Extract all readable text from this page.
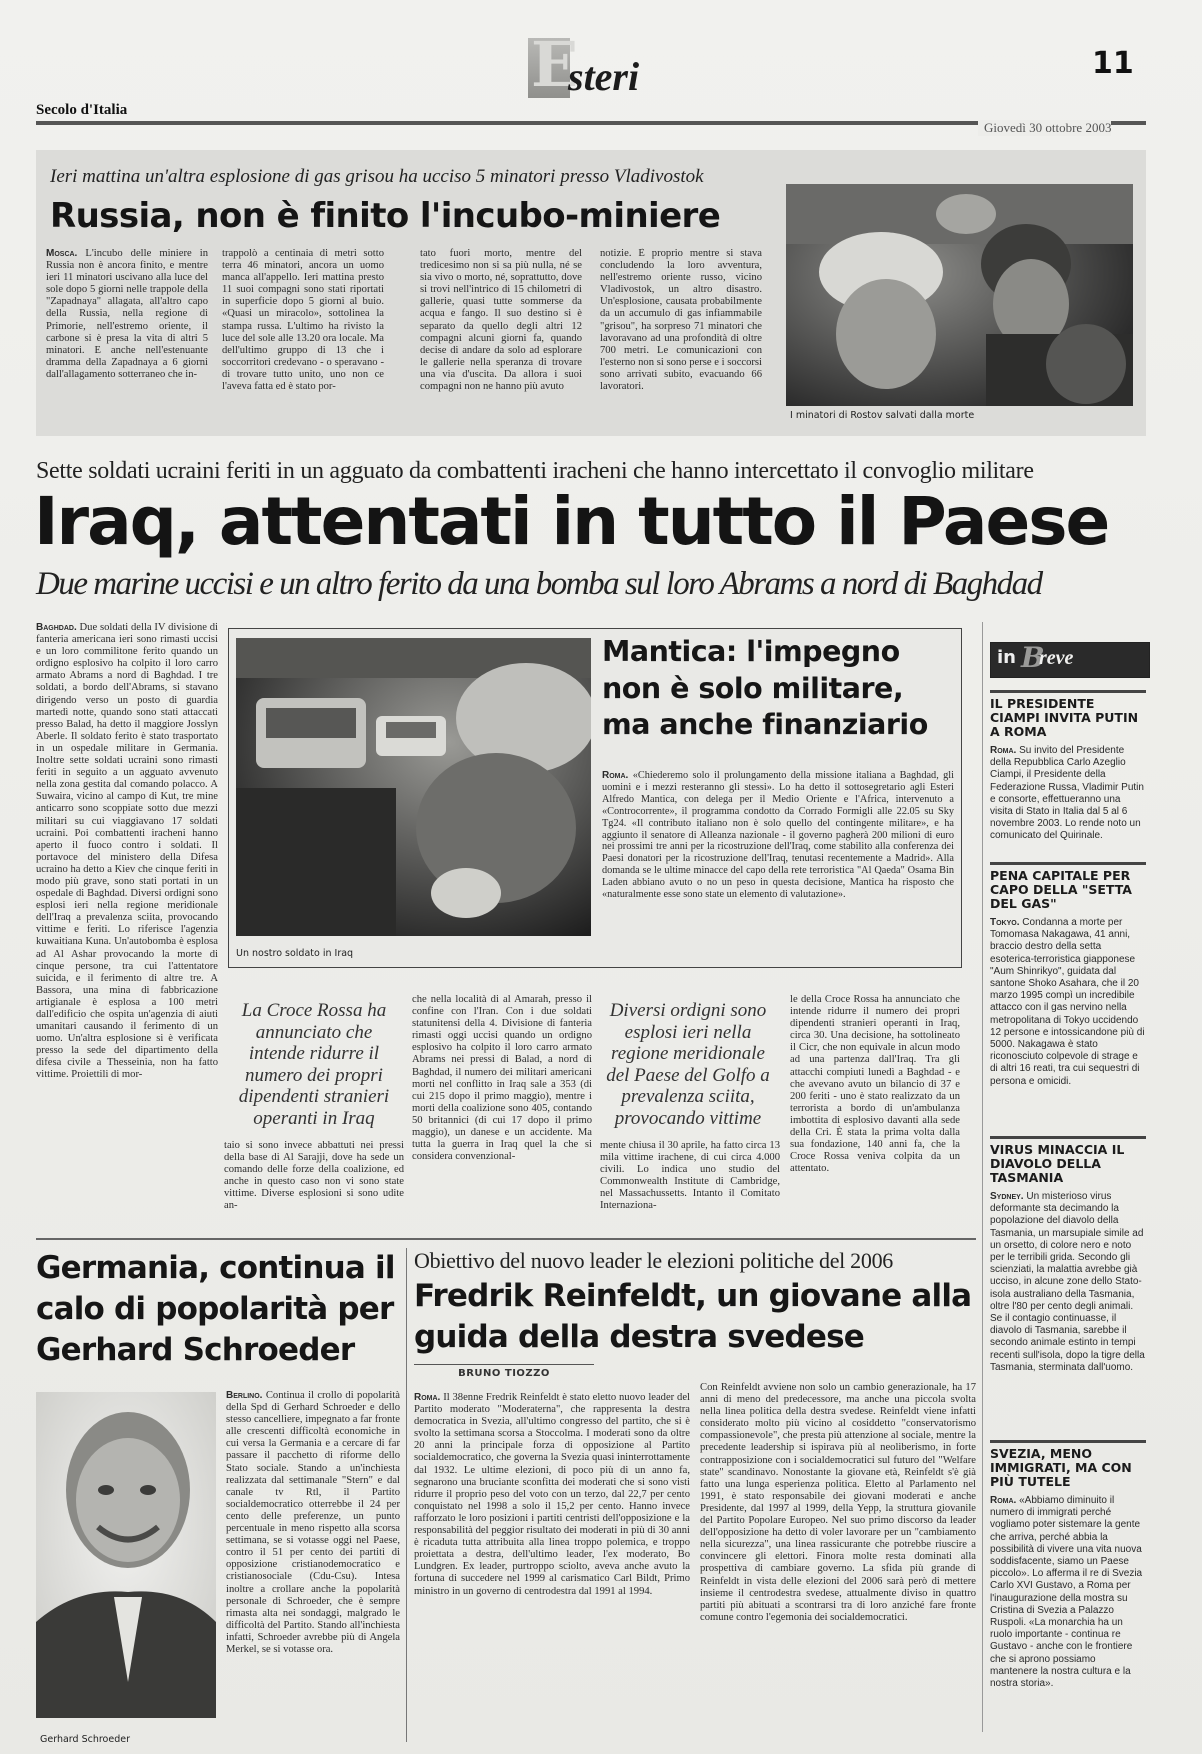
E
steri	11
Secolo d'Italia
Giovedì 30 ottobre 2003
Ieri mattina un'altra esplosione di gas grisou ha ucciso 5 minatori presso Vladivostok
Russia, non è finito l'incubo-miniere
Mosca. L'incubo delle miniere in Russia non è ancora finito, e mentre ieri 11 minatori uscivano alla luce del sole dopo 5 giorni nelle trappole della "Zapadnaya" allagata, all'altro capo della Russia, nella regione di Primorie, nell'estremo oriente, il carbone si è presa la vita di altri 5 minatori. E anche nell'estenuante dramma della Zapadnaya a 6 giorni dall'allagamento sotterraneo che in-
trappolò a centinaia di metri sotto terra 46 minatori, ancora un uomo manca all'appello. Ieri mattina presto 11 suoi compagni sono stati riportati in superficie dopo 5 giorni al buio. «Quasi un miracolo», sottolinea la stampa russa. L'ultimo ha rivisto la luce del sole alle 13.20 ora locale. Ma dell'ultimo gruppo di 13 che i soccorritori credevano - o speravano - di trovare tutto unito, uno non ce l'aveva fatta ed è stato por-
tato fuori morto, mentre del tredicesimo non si sa più nulla, né se sia vivo o morto, né, soprattutto, dove si trovi nell'intrico di 15 chilometri di gallerie, quasi tutte sommerse da acqua e fango. Il suo destino si è separato da quello degli altri 12 compagni alcuni giorni fa, quando decise di andare da solo ad esplorare le gallerie nella speranza di trovare una via d'uscita. Da allora i suoi compagni non ne hanno più avuto
notizie. È proprio mentre si stava concludendo la loro avventura, nell'estremo oriente russo, vicino Vladivostok, un altro disastro. Un'esplosione, causata probabilmente da un accumulo di gas infiammabile "grisou", ha sorpreso 71 minatori che lavoravano ad una profondità di oltre 700 metri. Le comunicazioni con l'esterno non si sono perse e i soccorsi sono arrivati subito, evacuando 66 lavoratori.
I minatori di Rostov salvati dalla morte
Sette soldati ucraini feriti in un agguato da combattenti iracheni che hanno intercettato il convoglio militare
Iraq, attentati in tutto il Paese
Due marine uccisi e un altro ferito da una bomba sul loro Abrams a nord di Baghdad
Baghdad. Due soldati della IV divisione di fanteria americana ieri sono rimasti uccisi e un loro commilitone ferito quando un ordigno esplosivo ha colpito il loro carro armato Abrams a nord di Baghdad. I tre soldati, a bordo dell'Abrams, si stavano dirigendo verso un posto di guardia martedì notte, quando sono stati attaccati presso Balad, ha detto il maggiore Josslyn Aberle. Il soldato ferito è stato trasportato in un ospedale militare in Germania. Inoltre sette soldati ucraini sono rimasti feriti in seguito a un agguato avvenuto nella zona gestita dal comando polacco. A Suwaira, vicino al campo di Kut, tre mine anticarro sono scoppiate sotto due mezzi militari su cui viaggiavano 17 soldati ucraini. Poi combattenti iracheni hanno aperto il fuoco contro i soldati. Il portavoce del ministero della Difesa ucraino ha detto a Kiev che cinque feriti in modo più grave, sono stati portati in un ospedale di Baghdad. Diversi ordigni sono esplosi ieri nella regione meridionale dell'Iraq a prevalenza sciita, provocando vittime e feriti. Lo riferisce l'agenzia kuwaitiana Kuna. Un'autobomba è esplosa ad Al Ashar provocando la morte di cinque persone, tra cui l'attentatore suicida, e il ferimento di altre tre. A Bassora, una mina di fabbricazione artigianale è esplosa a 100 metri dall'edificio che ospita un'agenzia di aiuti umanitari causando il ferimento di un uomo. Un'altra esplosione si è verificata presso la sede del dipartimento della difesa civile a Thesseinia, non ha fatto vittime. Proiettili di mor-
Un nostro soldato in Iraq
Mantica: l'impegno non è solo militare, ma anche finanziario
Roma. «Chiederemo solo il prolungamento della missione italiana a Baghdad, gli uomini e i mezzi resteranno gli stessi». Lo ha detto il sottosegretario agli Esteri Alfredo Mantica, con delega per il Medio Oriente e l'Africa, intervenuto a «Controcorrente», il programma condotto da Corrado Formigli alle 22.05 su Sky Tg24. «Il contributo italiano non è solo quello del contingente militare», e ha aggiunto il senatore di Alleanza nazionale - il governo pagherà 200 milioni di euro nei prossimi tre anni per la ricostruzione dell'Iraq, come stabilito alla conferenza dei Paesi donatori per la ricostruzione dell'Iraq, tenutasi recentemente a Madrid». Alla domanda se le ultime minacce del capo della rete terroristica "Al Qaeda" Osama Bin Laden abbiano avuto o no un peso in questa decisione, Mantica ha risposto che «naturalmente esse sono state un elemento di valutazione».
La Croce Rossa ha annunciato che intende ridurre il numero dei propri dipendenti stranieri operanti in Iraq
taio si sono invece abbattuti nei pressi della base di Al Sarajji, dove ha sede un comando delle forze della coalizione, ed anche in questo caso non vi sono state vittime. Diverse esplosioni si sono udite an-
che nella località di al Amarah, presso il confine con l'Iran. Con i due soldati statunitensi della 4. Divisione di fanteria rimasti oggi uccisi quando un ordigno esplosivo ha colpito il loro carro armato Abrams nei pressi di Balad, a nord di Baghdad, il numero dei militari americani morti nel conflitto in Iraq sale a 353 (di cui 215 dopo il primo maggio), mentre i morti della coalizione sono 405, contando 50 britannici (di cui 17 dopo il primo maggio), un danese e un accidente. Ma tutta la guerra in Iraq quel la che si considera convenzional-
Diversi ordigni sono esplosi ieri nella regione meridionale del Paese del Golfo a prevalenza sciita, provocando vittime
mente chiusa il 30 aprile, ha fatto circa 13 mila vittime irachene, di cui circa 4.000 civili. Lo indica uno studio del Commonwealth Institute di Cambridge, nel Massachussetts. Intanto il Comitato Internaziona-
le della Croce Rossa ha annunciato che intende ridurre il numero dei propri dipendenti stranieri operanti in Iraq, circa 30. Una decisione, ha sottolineato il Cicr, che non equivale in alcun modo ad una partenza dall'Iraq. Tra gli attacchi compiuti lunedì a Baghdad - e che avevano avuto un bilancio di 37 e 200 feriti - uno è stato realizzato da un terrorista a bordo di un'ambulanza imbottita di esplosivo davanti alla sede della Cri. È stata la prima volta dalla sua fondazione, 140 anni fa, che la Croce Rossa veniva colpita da un attentato.
in B
reve
IL PRESIDENTE CIAMPI INVITA PUTIN A ROMA
Roma. Su invito del Presidente della Repubblica Carlo Azeglio Ciampi, il Presidente della Federazione Russa, Vladimir Putin e consorte, effettueranno una visita di Stato in Italia dal 5 al 6 novembre 2003. Lo rende noto un comunicato del Quirinale.
PENA CAPITALE PER CAPO DELLA "SETTA DEL GAS"
Tokyo. Condanna a morte per Tomomasa Nakagawa, 41 anni, braccio destro della setta esoterica-terroristica giapponese "Aum Shinrikyo", guidata dal santone Shoko Asahara, che il 20 marzo 1995 compì un incredibile attacco con il gas nervino nella metropolitana di Tokyo uccidendo 12 persone e intossicandone più di 5000. Nakagawa è stato riconosciuto colpevole di strage e di altri 16 reati, tra cui sequestri di persona e omicidi.
VIRUS MINACCIA IL DIAVOLO DELLA TASMANIA
Sydney. Un misterioso virus deformante sta decimando la popolazione del diavolo della Tasmania, un marsupiale simile ad un orsetto, di colore nero e noto per le terribili grida. Secondo gli scienziati, la malattia avrebbe già ucciso, in alcune zone dello Stato-isola australiano della Tasmania, oltre l'80 per cento degli animali. Se il contagio continuasse, il diavolo di Tasmania, sarebbe il secondo animale estinto in tempi recenti sull'isola, dopo la tigre della Tasmania, sterminata dall'uomo.
SVEZIA, MENO IMMIGRATI, MA CON PIÙ TUTELE
Roma. «Abbiamo diminuito il numero di immigrati perché vogliamo poter sistemare la gente che arriva, perché abbia la possibilità di vivere una vita nuova soddisfacente, siamo un Paese piccolo». Lo afferma il re di Svezia Carlo XVI Gustavo, a Roma per l'inaugurazione della mostra su Cristina di Svezia a Palazzo Ruspoli. «La monarchia ha un ruolo importante - continua re Gustavo - anche con le frontiere che si aprono possiamo mantenere la nostra cultura e la nostra storia».
Germania, continua il calo di popolarità per Gerhard Schroeder
Gerhard Schroeder
Berlino. Continua il crollo di popolarità della Spd di Gerhard Schroeder e dello stesso cancelliere, impegnato a far fronte alle crescenti difficoltà economiche in cui versa la Germania e a cercare di far passare il pacchetto di riforme dello Stato sociale. Stando a un'inchiesta realizzata dal settimanale "Stern" e dal canale tv Rtl, il Partito socialdemocratico otterrebbe il 24 per cento delle preferenze, un punto percentuale in meno rispetto alla scorsa settimana, se si votasse oggi nel Paese, contro il 51 per cento dei partiti di opposizione cristianodemocratico e cristianosociale (Cdu-Csu). Intesa inoltre a crollare anche la popolarità personale di Schroeder, che è sempre rimasta alta nei sondaggi, malgrado le difficoltà del Partito. Stando all'inchiesta infatti, Schroeder avrebbe più di Angela Merkel, se si votasse ora.
Obiettivo del nuovo leader le elezioni politiche del 2006
Fredrik Reinfeldt, un giovane alla guida della destra svedese
BRUNO TIOZZO
Roma. Il 38enne Fredrik Reinfeldt è stato eletto nuovo leader del Partito moderato "Moderaterna", che rappresenta la destra democratica in Svezia, all'ultimo congresso del partito, che si è svolto la settimana scorsa a Stoccolma. I moderati sono da oltre 20 anni la principale forza di opposizione al Partito socialdemocratico, che governa la Svezia quasi ininterrottamente dal 1932. Le ultime elezioni, di poco più di un anno fa, segnarono una bruciante sconfitta dei moderati che si sono visti ridurre il proprio peso del voto con un terzo, dal 22,7 per cento conquistato nel 1998 a solo il 15,2 per cento. Hanno invece rafforzato le loro posizioni i partiti centristi dell'opposizione e la responsabilità del peggior risultato dei moderati in più di 30 anni è ricaduta tutta attribuita alla linea troppo polemica, e troppo proiettata a destra, dell'ultimo leader, l'ex moderato, Bo Lundgren. Ex leader, purtroppo sciolto, aveva anche avuto la fortuna di succedere nel 1999 al carismatico Carl Bildt, Primo ministro in un governo di centrodestra dal 1991 al 1994.
Con Reinfeldt avviene non solo un cambio generazionale, ha 17 anni di meno del predecessore, ma anche una piccola svolta nella linea politica della destra svedese. Reinfeldt viene infatti considerato molto più vicino al cosiddetto "conservatorismo compassionevole", che presta più attenzione al sociale, mentre la precedente leadership si ispirava più al neoliberismo, in forte contrapposizione con i socialdemocratici sul futuro del "Welfare state" scandinavo. Nonostante la giovane età, Reinfeldt s'è già fatto una lunga esperienza politica. Eletto al Parlamento nel 1991, è stato responsabile dei giovani moderati e anche Presidente, dal 1997 al 1999, della Yepp, la struttura giovanile del Partito Popolare Europeo. Nel suo primo discorso da leader dell'opposizione ha detto di voler lavorare per un "cambiamento nella sicurezza", una linea rassicurante che potrebbe riuscire a convincere gli elettori. Finora molte resta dominati alla prospettiva di cambiare governo. La sfida più grande di Reinfeldt in vista delle elezioni del 2006 sarà però di mettere insieme il centrodestra svedese, attualmente diviso in quattro partiti più abituati a scontrarsi tra di loro anziché fare fronte comune contro l'egemonia dei socialdemocratici.
